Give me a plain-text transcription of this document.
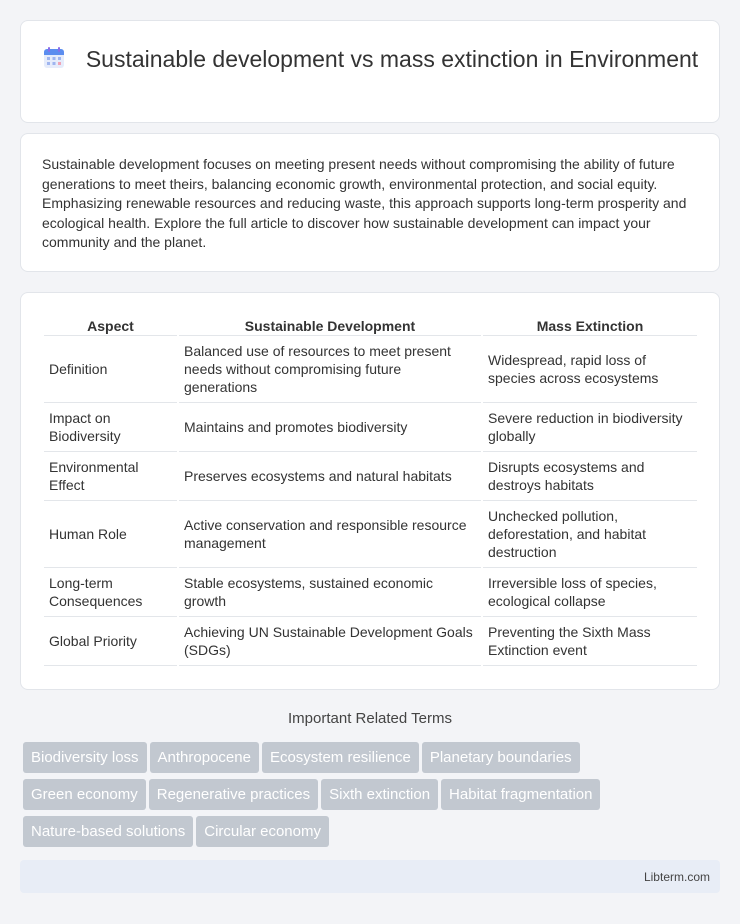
Sustainable development vs mass extinction in Environment

Sustainable development focuses on meeting present needs without compromising the ability of future generations to meet theirs, balancing economic growth, environmental protection, and social equity. Emphasizing renewable resources and reducing waste, this approach supports long-term prosperity and ecological health. Explore the full article to discover how sustainable development can impact your community and the planet.

Aspect	Sustainable Development	Mass Extinction
Definition	Balanced use of resources to meet present needs without compromising future generations	Widespread, rapid loss of species across ecosystems
Impact on Biodiversity	Maintains and promotes biodiversity	Severe reduction in biodiversity globally
Environmental Effect	Preserves ecosystems and natural habitats	Disrupts ecosystems and destroys habitats
Human Role	Active conservation and responsible resource management	Unchecked pollution, deforestation, and habitat destruction
Long-term Consequences	Stable ecosystems, sustained economic growth	Irreversible loss of species, ecological collapse
Global Priority	Achieving UN Sustainable Development Goals (SDGs)	Preventing the Sixth Mass Extinction event
Important Related Terms
Biodiversity loss Anthropocene Ecosystem resilience Planetary boundaries
Green economy Regenerative practices Sixth extinction Habitat fragmentation
Nature-based solutions Circular economy
Libterm.com
